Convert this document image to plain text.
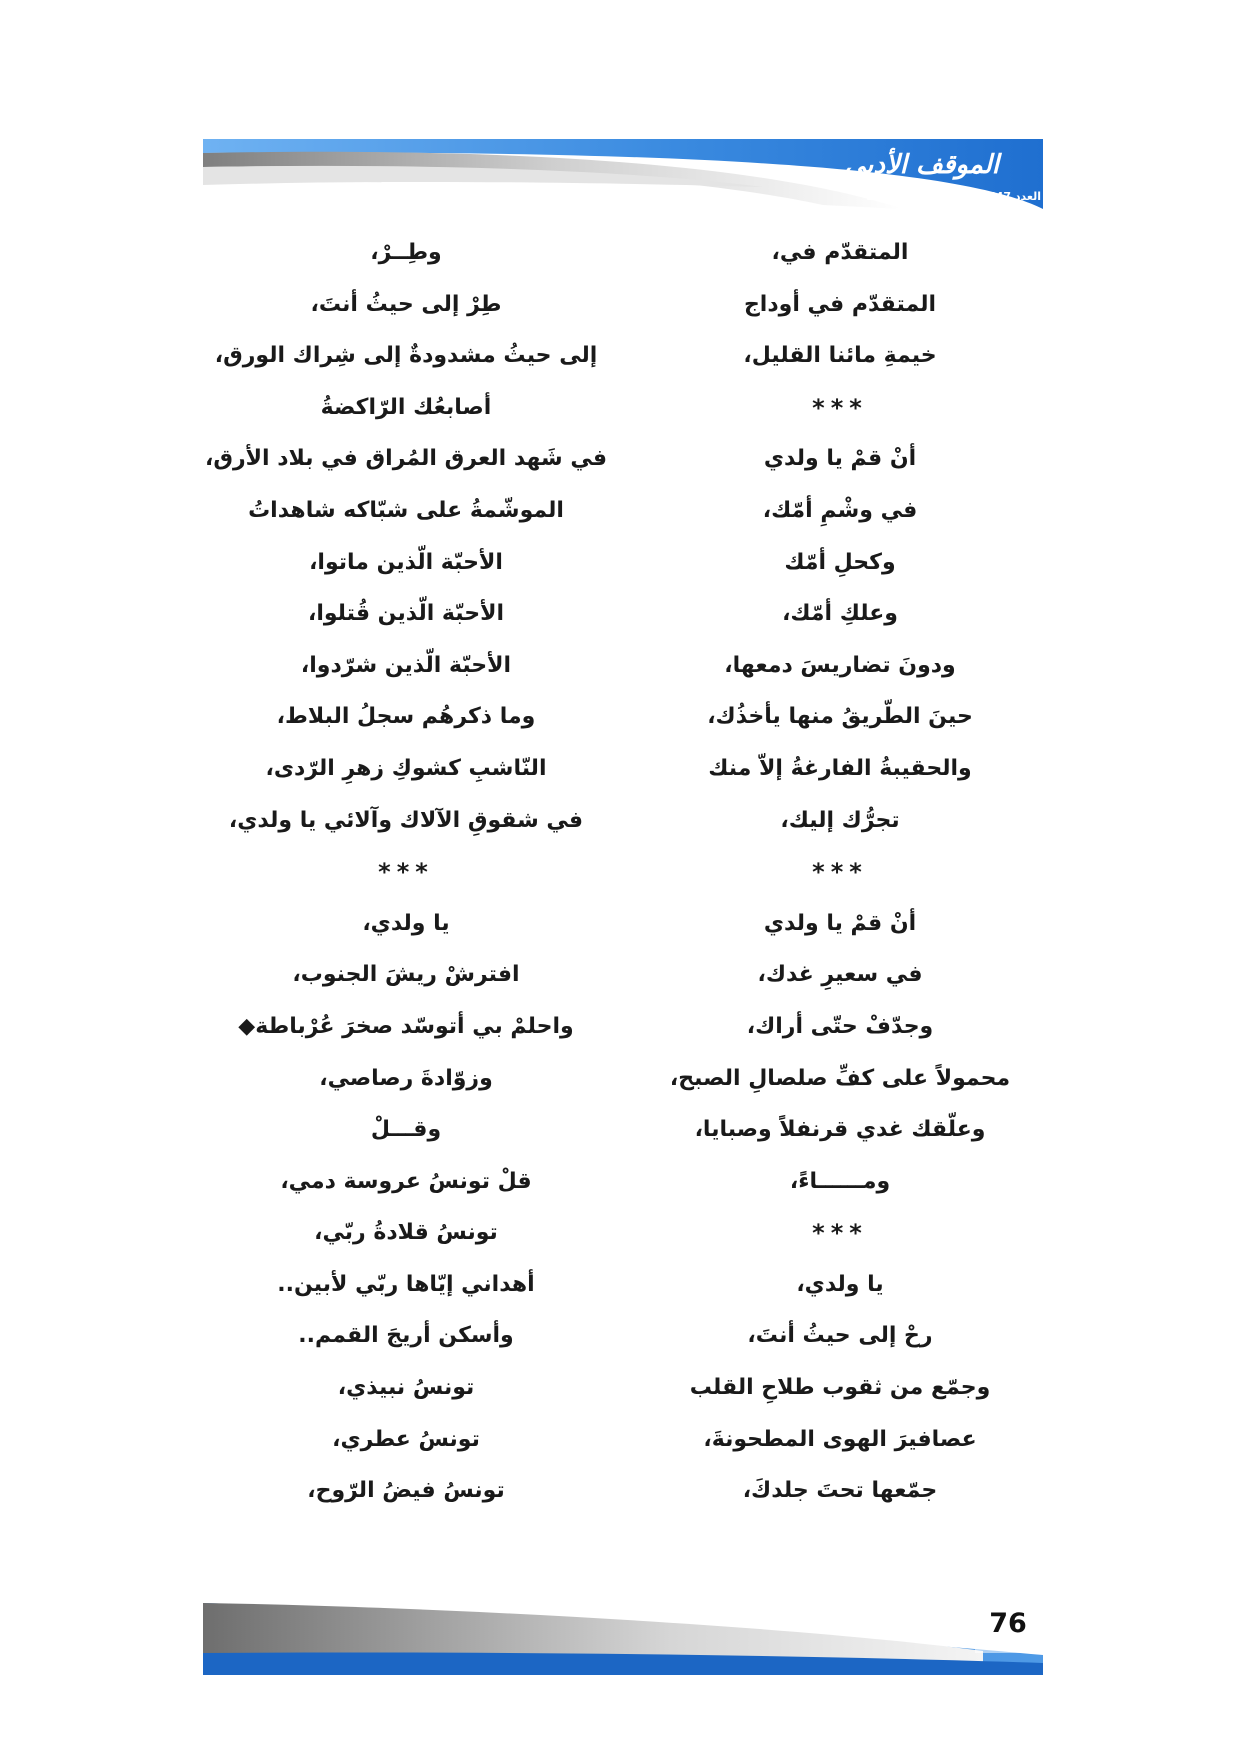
الموقف الأدبي
العدد 547 ـ تشرين الثاني/ 2016
المتقدّم في،
المتقدّم في أوداج
خيمةِ مائنا القليل،
***
أنْ قمْ يا ولدي
في وشْمِ أمّك،
وكحلِ أمّك
وعلكِ أمّك،
ودونَ تضاريسَ دمعها،
حينَ الطّريقُ منها يأخذُك،
والحقيبةُ الفارغةُ إلاّ منك
تجرُّك إليك،
***
أنْ قمْ يا ولدي
في سعيرِ غدك،
وجدّفْ حتّى أراك،
محمولاً على كفِّ صلصالِ الصبح،
وعلّقك غدي قرنفلاً وصبايا،
ومــــــاءً،
***
يا ولدي،
رحْ إلى حيثُ أنتَ،
وجمّع من ثقوب طلاحِ القلب
عصافيرَ الهوى المطحونةَ،
جمّعها تحتَ جلدكَ،
وطِــرْ،
طِرْ إلى حيثُ أنتَ،
إلى حيثُ مشدودةٌ إلى شِراك الورق،
أصابعُك الرّاكضةُ
في شَهد العرق المُراق في بلاد الأرق،
الموشّمةُ على شبّاكه شاهداتُ
الأحبّة الّذين ماتوا،
الأحبّة الّذين قُتلوا،
الأحبّة الّذين شرّدوا،
وما ذكرهُم سجلُ البلاط،
النّاشبِ كشوكِ زهرِ الرّدى،
في شقوقِ الآلاك وآلائي يا ولدي،
***
يا ولدي،
افترشْ ريشَ الجنوب،
واحلمْ بي أتوسّد صخرَ عُرْباطة◆
وزوّادةَ رصاصي،
وقـــلْ
قلْ تونسُ عروسة دمي،
تونسُ قلادةُ ربّي،
أهداني إيّاها ربّي لأبين..
وأسكن أريجَ القمم..
تونسُ نبيذي،
تونسُ عطري،
تونسُ فيضُ الرّوح،
76
